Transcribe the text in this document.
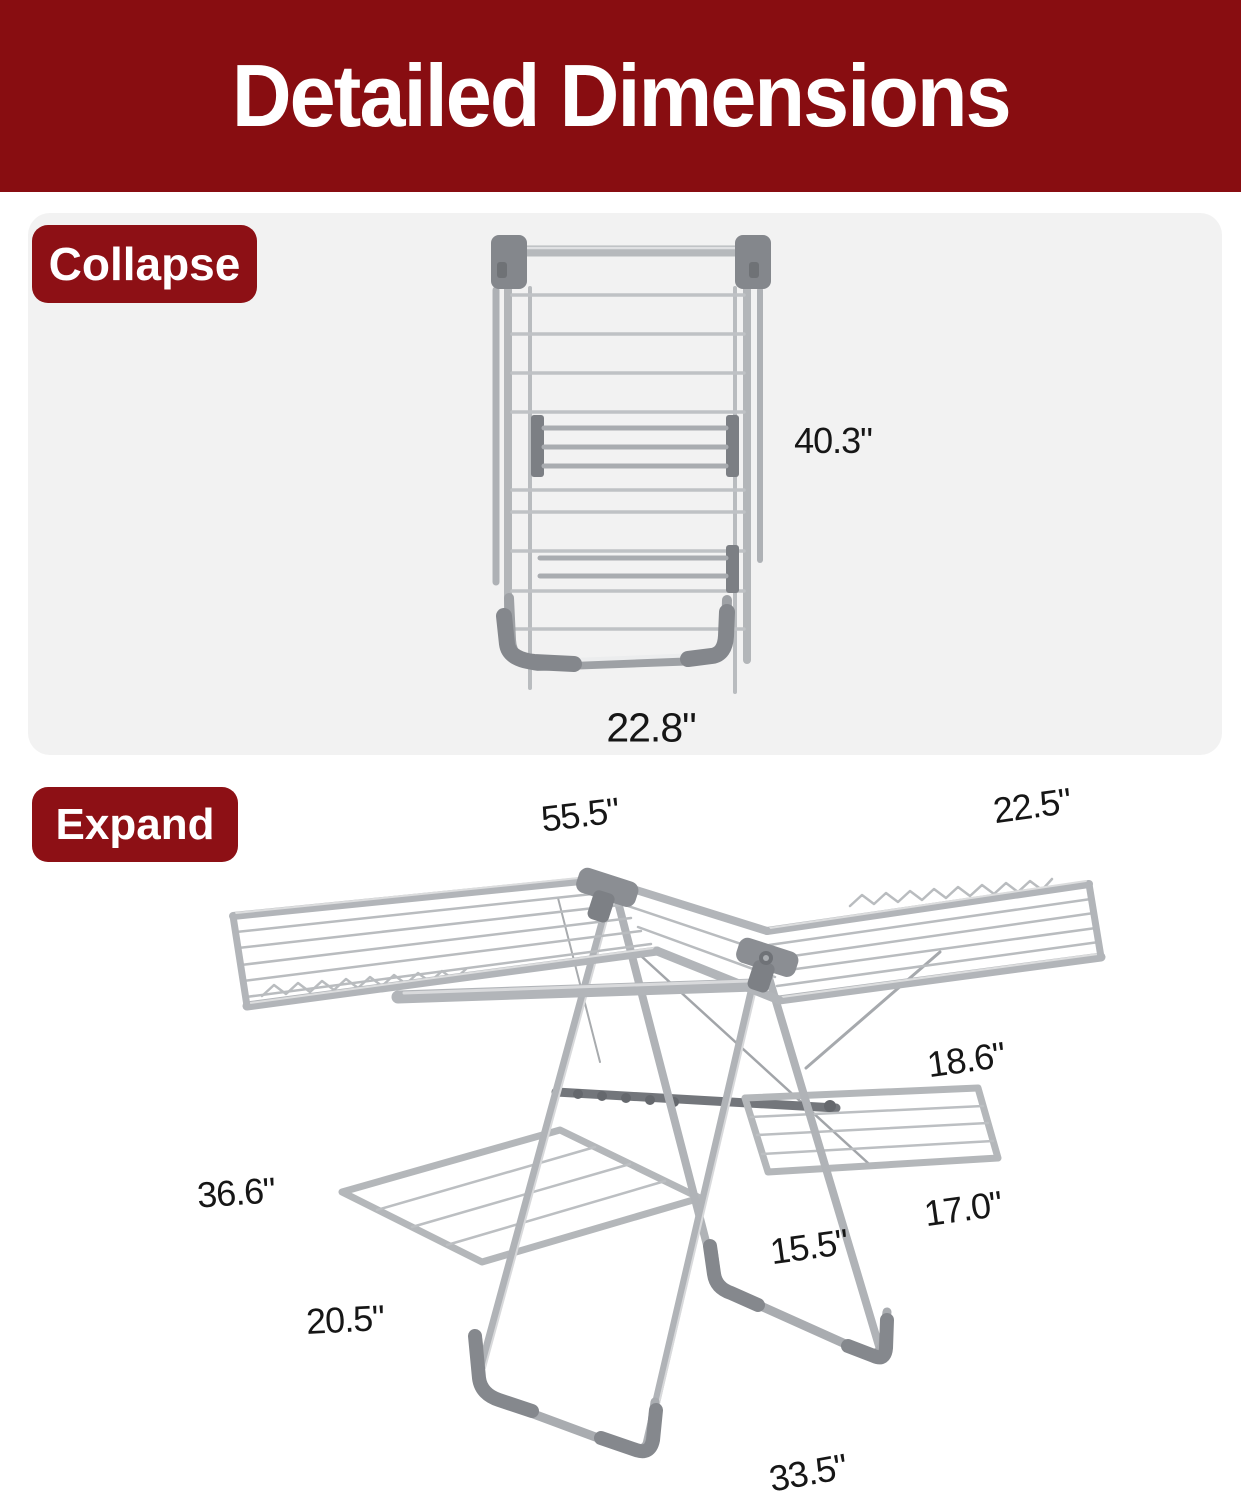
Detailed Dimensions
Collapse
Expand
40.3"
22.8"
55.5"	22.5"
18.6"
36.6"	17.0"
15.5"
20.5"
33.5"
